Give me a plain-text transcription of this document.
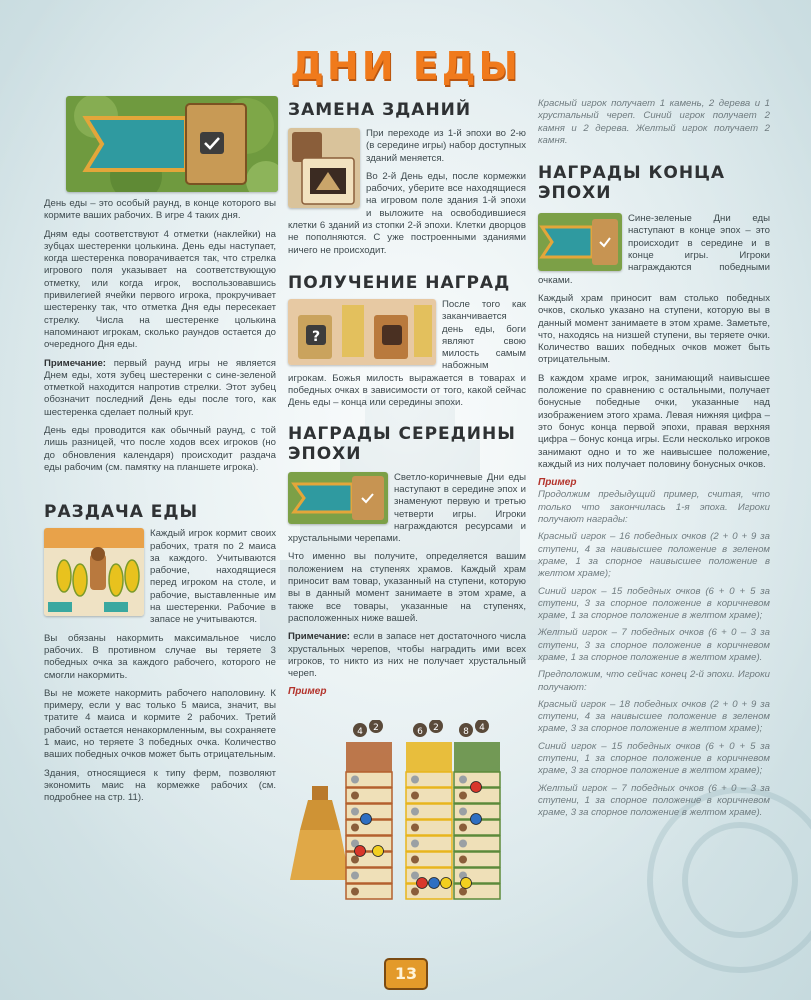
ДНИ ЕДЫ

День еды – это особый раунд, в конце которого вы кормите ваших рабочих. В игре 4 таких дня.

Дням еды соответствуют 4 отметки (наклейки) на зубцах шестеренки цолькина. День еды наступает, когда шестеренка поворачивается так, что стрелка игрового поля указывает на соответствующую отметку, или когда игрок, воспользовавшись привилегией ячейки первого игрока, прокручивает шестеренку так, что отметка Дня еды пересекает стрелку. Числа на шестеренке цолькина напоминают игрокам, сколько раундов остается до очередного Дня еды.

Примечание: первый раунд игры не является Днем еды, хотя зубец шестеренки с сине-зеленой отметкой находится напротив стрелки. Этот зубец обозначит последний День еды после того, как шестеренка сделает полный круг.

День еды проводится как обычный раунд, с той лишь разницей, что после ходов всех игроков (но до обновления календаря) происходит раздача еды рабочим (см. памятку на планшете игрока).

РАЗДАЧА ЕДЫ

Каждый игрок кормит своих рабочих, тратя по 2 маиса за каждого. Учитываются рабочие, находящиеся перед игроком на столе, и рабочие, выставленные им на шестеренки. Рабочие в запасе не учитываются.

Вы обязаны накормить максимальное число рабочих. В противном случае вы теряете 3 победных очка за каждого рабочего, которого не смогли накормить.

Вы не можете накормить рабочего наполовину. К примеру, если у вас только 5 маиса, значит, вы тратите 4 маиса и кормите 2 рабочих. Третий рабочий остается ненакормленным, вы сохраняете 1 маис, но теряете 3 победных очка. Количество ваших победных очков может быть отрицательным.

Здания, относящиеся к типу ферм, позволяют экономить маис на кормежке рабочих (см. подробнее на стр. 11).

ЗАМЕНА ЗДАНИЙ

При переходе из 1-й эпохи во 2-ю (в середине игры) набор доступных зданий меняется.

Во 2-й День еды, после кормежки рабочих, уберите все находящиеся на игровом поле здания 1-й эпохи и выложите на освободившиеся клетки 6 зданий из стопки 2-й эпохи. Клетки дворцов не пополняются. С уже построенными зданиями ничего не происходит.

ПОЛУЧЕНИЕ НАГРАД
?

После того как заканчивается день еды, боги являют свою милость самым набожным игрокам. Божья милость выражается в товарах и победных очках в зависимости от того, какой сейчас День еды – конца или середины эпохи.

НАГРАДЫ СЕРЕДИНЫ ЭПОХИ

Светло-коричневые Дни еды наступают в середине эпох и знаменуют первую и третью четверти игры. Игроки награждаются ресурсами и хрустальными черепами.

Что именно вы получите, определяется вашим положением на ступенях храмов. Каждый храм приносит вам товар, указанный на ступени, которую вы в данный момент занимаете в этом храме, а также все товары, указанные на ступенях, расположенных ниже вашей.

Примечание: если в запасе нет достаточного числа хрустальных черепов, чтобы наградить ими всех игроков, то никто из них не получает хрустальный череп.

Пример
4 2	6 2	8 4

Красный игрок получает 1 камень, 2 дерева и 1 хрустальный череп. Синий игрок получает 2 камня и 2 дерева. Желтый игрок получает 2 камня.

НАГРАДЫ КОНЦА ЭПОХИ

Сине-зеленые Дни еды наступают в конце эпох – это происходит в середине и в конце игры. Игроки награждаются победными очками.

Каждый храм приносит вам столько победных очков, сколько указано на ступени, которую вы в данный момент занимаете в этом храме. Заметьте, что, находясь на низшей ступени, вы теряете очки. Количество ваших победных очков может быть отрицательным.

В каждом храме игрок, занимающий наивысшее положение по сравнению с остальными, получает бонусные победные очки, указанные над изображением этого храма. Левая нижняя цифра – это бонус конца первой эпохи, правая верхняя цифра – бонус конца игры. Если несколько игроков занимают одно и то же наивысшее положение, каждый из них получает половину бонусных очков.

Пример

Продолжим предыдущий пример, считая, что только что закончилась 1-я эпоха. Игроки получают награды:

Красный игрок – 16 победных очков (2 + 0 + 9 за ступени, 4 за наивысшее положение в зеленом храме, 1 за спорное наивысшее положение в желтом храме);

Синий игрок – 15 победных очков (6 + 0 + 5 за ступени, 3 за спорное положение в коричневом храме, 1 за спорное положение в желтом храме);

Желтый игрок – 7 победных очков (6 + 0 – 3 за ступени, 3 за спорное положение в коричневом храме, 1 за спорное положение в желтом храме).

Предположим, что сейчас конец 2-й эпохи. Игроки получают:

Красный игрок – 18 победных очков (2 + 0 + 9 за ступени, 4 за наивысшее положение в зеленом храме, 3 за спорное положение в желтом храме);

Синий игрок – 15 победных очков (6 + 0 + 5 за ступени, 1 за спорное положение в коричневом храме, 3 за спорное положение в желтом храме);

Желтый игрок – 7 победных очков (6 + 0 – 3 за ступени, 1 за спорное положение в коричневом храме, 3 за спорное положение в желтом храме).

13
